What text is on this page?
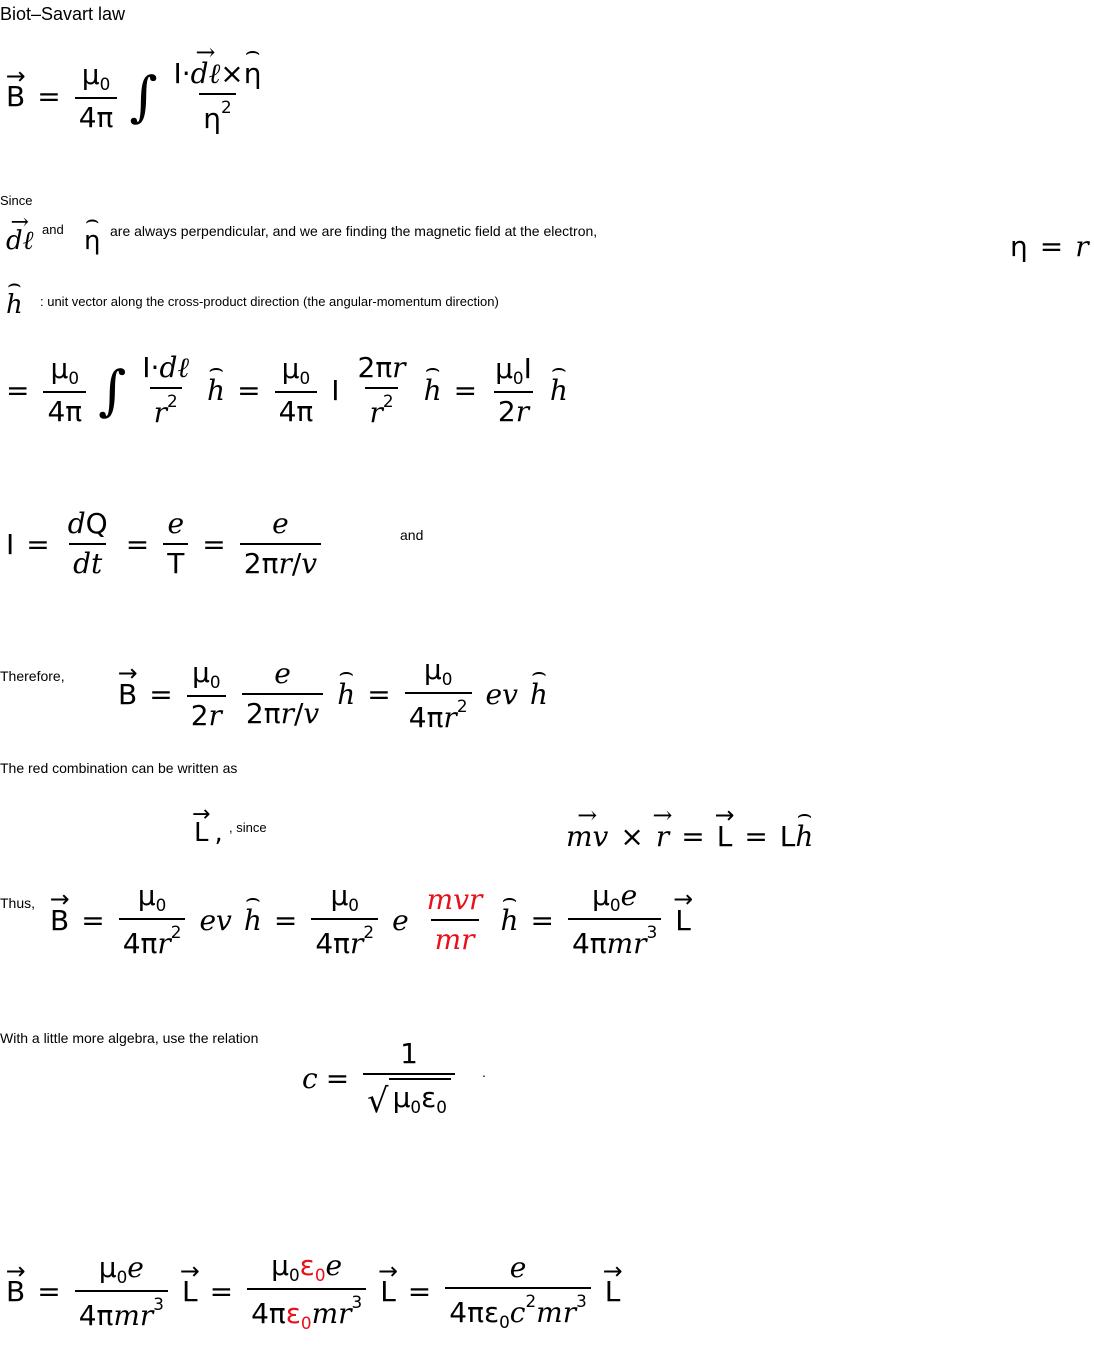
Biot–Savart law
→ $B = \frac{\mu_0}{4\pi}$ ∫ $\frac{\text{I·→ dℓ×⌢ η}}{\eta^2}$
Since
→ dℓ and
⌢ η are always perpendicular, and we are finding the magnetic field at the electron,	η = r
⌢ h : unit vector along the cross-product direction (the angular-momentum direction)
= $\frac{\mu_0}{4\pi}$ ∫ $\frac{\text{I·dℓ}}{r^2}$
⌢ $h = \frac{\mu_0}{4\pi}$ I $\frac{2\pi r}{r^2}$
⌢ $h = \frac{\mu_0I}{2r}$
⌢ h
$I = \frac{dQ}{dt} = \frac{e}{T} = \frac{e}{2\pi r/v}$	and
Therefore,
→ $B = \frac{\mu_0}{2r} \frac{e}{2\pi r/v}$
⌢ $h = \frac{\mu_0}{4\pi r^2}$ ev
⌢ h
The red combination can be written as
→ L , , since
→	mv ×
→ r =
→ L = L⌢ h
Thus,
→ $B = \frac{\mu_0}{4\pi r^2}$ ev
⌢ $h = \frac{\mu_0}{4\pi r^2}$ e $\frac{\text{mvr}}{mr}$
⌢ $h = \frac{\mu_0e}{4\pi mr^3}$
→ L
With a little more algebra, use the relation
$c = \frac{1}{√ \mu_0\varepsilon_0}$ .
→ $B = \frac{\mu_0e}{4\pi mr^3}$
→ $L = \frac{\mu_0\varepsilon_0e}{4\pi\varepsilon_0mr^3}$
→ $L = \frac{e}{4\pi\varepsilon_0c^2mr^3}$
→ L
